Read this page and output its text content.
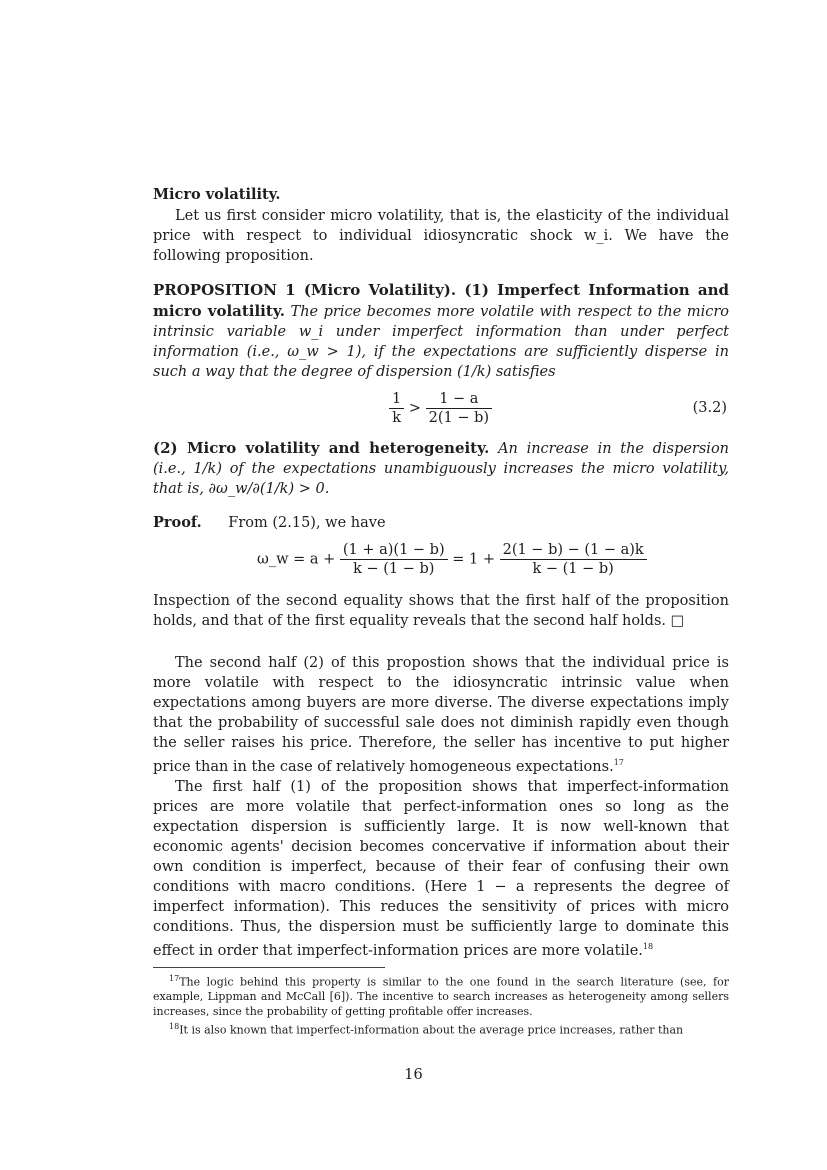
Micro volatility.

Let us first consider micro volatility, that is, the elasticity of the individual price with respect to individual idiosyncratic shock w_i. We have the following proposition.

PROPOSITION 1 (Micro Volatility). (1) Imperfect Information and micro volatility. The price becomes more volatile with respect to the micro intrinsic variable w_i under imperfect information than under perfect information (i.e., ω_w > 1), if the expectations are sufficiently disperse in such a way that the degree of dispersion (1/k) satisfies
$\frac{1}{k} > \frac{1 - a}{2(1 - b)}$	(3.2)
(2) Micro volatility and heterogeneity. An increase in the dispersion (i.e., 1/k) of the expectations unambiguously increases the micro volatility, that is, ∂ω_w/∂(1/k) > 0.
Proof. From (2.15), we have
ω_w = $a + \frac{(1 + a)(1 - b)}{k - (1 - b)} = 1 + \frac{2(1 - b) - (1 - a)k}{k - (1 - b)}$

Inspection of the second equality shows that the first half of the proposition holds, and that of the first equality reveals that the second half holds. □

The second half (2) of this propostion shows that the individual price is more volatile with respect to the idiosyncratic intrinsic value when expectations among buyers are more diverse. The diverse expectations imply that the probability of successful sale does not diminish rapidly even though the seller raises his price. Therefore, the seller has incentive to put higher price than in the case of relatively homogeneous expectations.$^{17}$

The first half (1) of the proposition shows that imperfect-information prices are more volatile that perfect-information ones so long as the expectation dispersion is sufficiently large. It is now well-known that economic agents' decision becomes concervative if information about their own condition is imperfect, because of their fear of confusing their own conditions with macro conditions. (Here 1 − a represents the degree of imperfect information). This reduces the sensitivity of prices with micro conditions. Thus, the dispersion must be sufficiently large to dominate this effect in order that imperfect-information prices are more volatile.$^{18}$

$^{17}$The logic behind this property is similar to the one found in the search literature (see, for example, Lippman and McCall [6]). The incentive to search increases as heterogeneity among sellers increases, since the probability of getting profitable offer increases.

$^{18}$It is also known that imperfect-information about the average price increases, rather than

16
